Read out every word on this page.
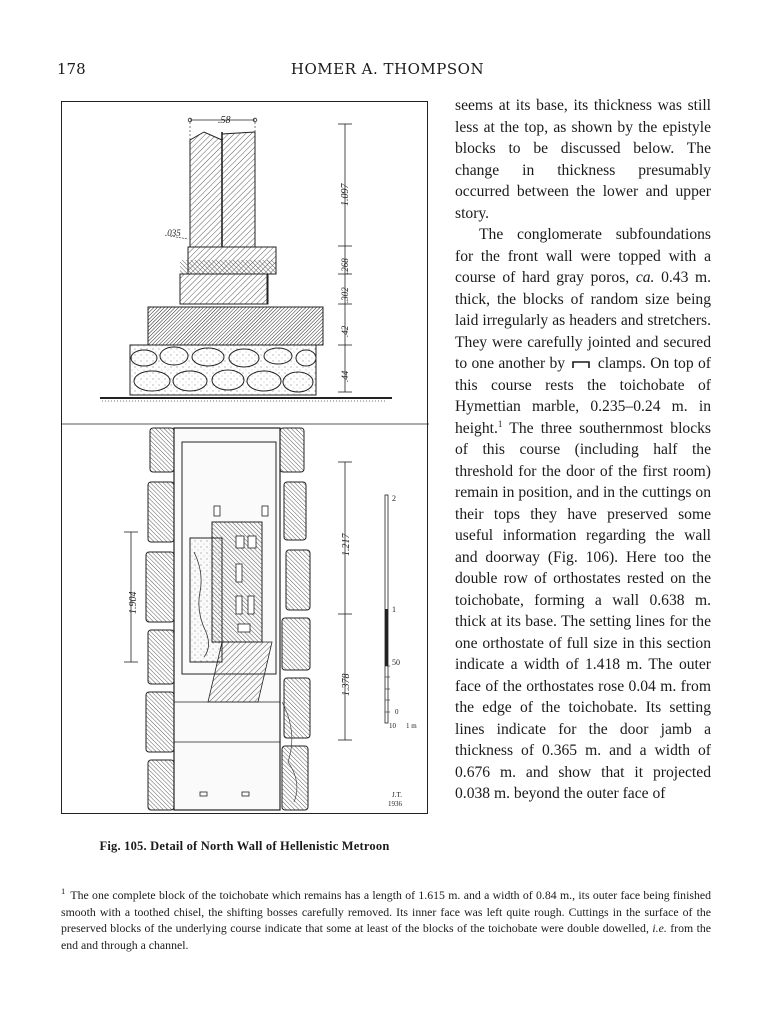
178	HOMER A. THOMPSON
.58
.035
1.097
.268
.302
.42
.44
1.904
1.217
1.378
2
1
50
0
10 1 m
J.T.
1936
Fig. 105. Detail of North Wall of Hellenistic Metroon

seems at its base, its thickness was still less at the top, as shown by the epistyle blocks to be discussed below. The change in thickness presumably occurred between the lower and upper story.

The conglomerate subfoundations for the front wall were topped with a course of hard gray poros, ca. 0.43 m. thick, the blocks of random size being laid irregularly as headers and stretchers. They were carefully jointed and secured to one another by clamps. On top of this course rests the toichobate of Hymettian marble, 0.235–0.24 m. in height.$^1$ The three southernmost blocks of this course (including half the threshold for the door of the first room) remain in position, and in the cuttings on their tops they have preserved some useful information regarding the wall and doorway (Fig. 106). Here too the double row of orthostates rested on the toichobate, forming a wall 0.638 m. thick at its base. The setting lines for the one orthostate of full size in this section indicate a width of 1.418 m. The outer face of the orthostates rose 0.04 m. from the edge of the toichobate. Its setting lines indicate for the door jamb a thickness of 0.365 m. and a width of 0.676 m. and show that it projected 0.038 m. beyond the outer face of

$^1$ The one complete block of the toichobate which remains has a length of 1.615 m. and a width of 0.84 m., its outer face being finished smooth with a toothed chisel, the shifting bosses carefully removed. Its inner face was left quite rough. Cuttings in the surface of the preserved blocks of the underlying course indicate that some at least of the blocks of the toichobate were double dowelled, i.e. from the end and through a channel.
